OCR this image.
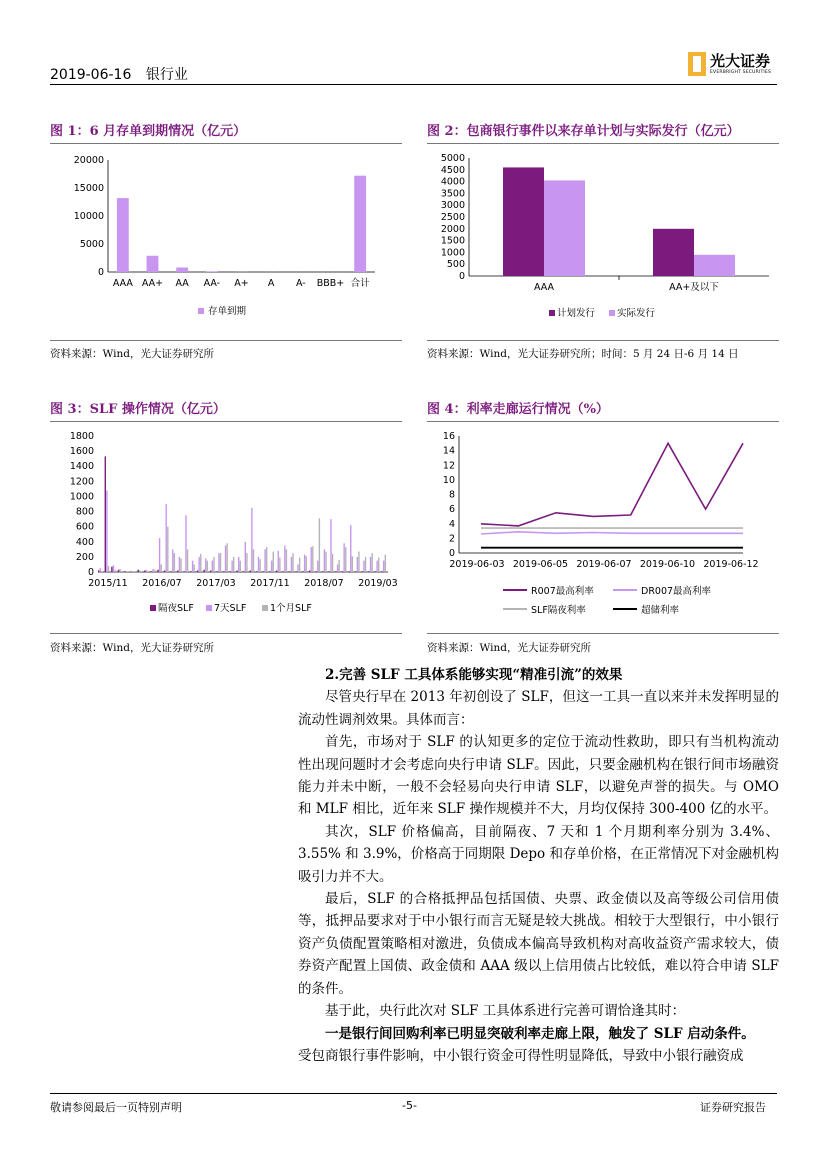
2019-06-16 银行业
光大证券
EVERBRIGHT SECURITIES
图 1：6 月存单到期情况（亿元）
0
5000
10000
15000
20000
AAA AA+ AA AA- A+ A A- BBB+ 合计
存单到期
资料来源：Wind，光大证券研究所
图 2：包商银行事件以来存单计划与实际发行（亿元）
0
500
1000
1500
2000
2500
3000
3500
4000
4500
5000
AAA	AA+及以下
计划发行 实际发行
资料来源：Wind，光大证券研究所；时间：5 月 24 日-6 月 14 日
图 3：SLF 操作情况（亿元）
0
200
400
600
800
1000
1200
1400
1600
1800
2015/11 2016/07 2017/03 2017/11 2018/07 2019/03
隔夜SLF 7天SLF 1个月SLF
资料来源：Wind，光大证券研究所
图 4：利率走廊运行情况（%）
0
2
4
6
8
10
12
14
16
2019-06-03 2019-06-05 2019-06-07 2019-06-10 2019-06-12
R007最高利率	DR007最高利率
SLF隔夜利率	超储利率
资料来源：Wind，光大证券研究所

2.完善 SLF 工具体系能够实现“精准引流”的效果

尽管央行早在 2013 年初创设了 SLF，但这一工具一直以来并未发挥明显的流动性调剂效果。具体而言：

首先，市场对于 SLF 的认知更多的定位于流动性救助，即只有当机构流动性出现问题时才会考虑向央行申请 SLF。因此，只要金融机构在银行间市场融资能力并未中断，一般不会轻易向央行申请 SLF，以避免声誉的损失。与 OMO 和 MLF 相比，近年来 SLF 操作规模并不大，月均仅保持 300-400 亿的水平。

其次，SLF 价格偏高，目前隔夜、7 天和 1 个月期利率分别为 3.4%、3.55% 和 3.9%，价格高于同期限 Depo 和存单价格，在正常情况下对金融机构吸引力并不大。

最后，SLF 的合格抵押品包括国债、央票、政金债以及高等级公司信用债等，抵押品要求对于中小银行而言无疑是较大挑战。相较于大型银行，中小银行资产负债配置策略相对激进，负债成本偏高导致机构对高收益资产需求较大，债券资产配置上国债、政金债和 AAA 级以上信用债占比较低，难以符合申请 SLF 的条件。

基于此，央行此次对 SLF 工具体系进行完善可谓恰逢其时：

一是银行间回购利率已明显突破利率走廊上限，触发了 SLF 启动条件。

受包商银行事件影响，中小银行资金可得性明显降低，导致中小银行融资成

敬请参阅最后一页特别声明	-5-	证券研究报告
